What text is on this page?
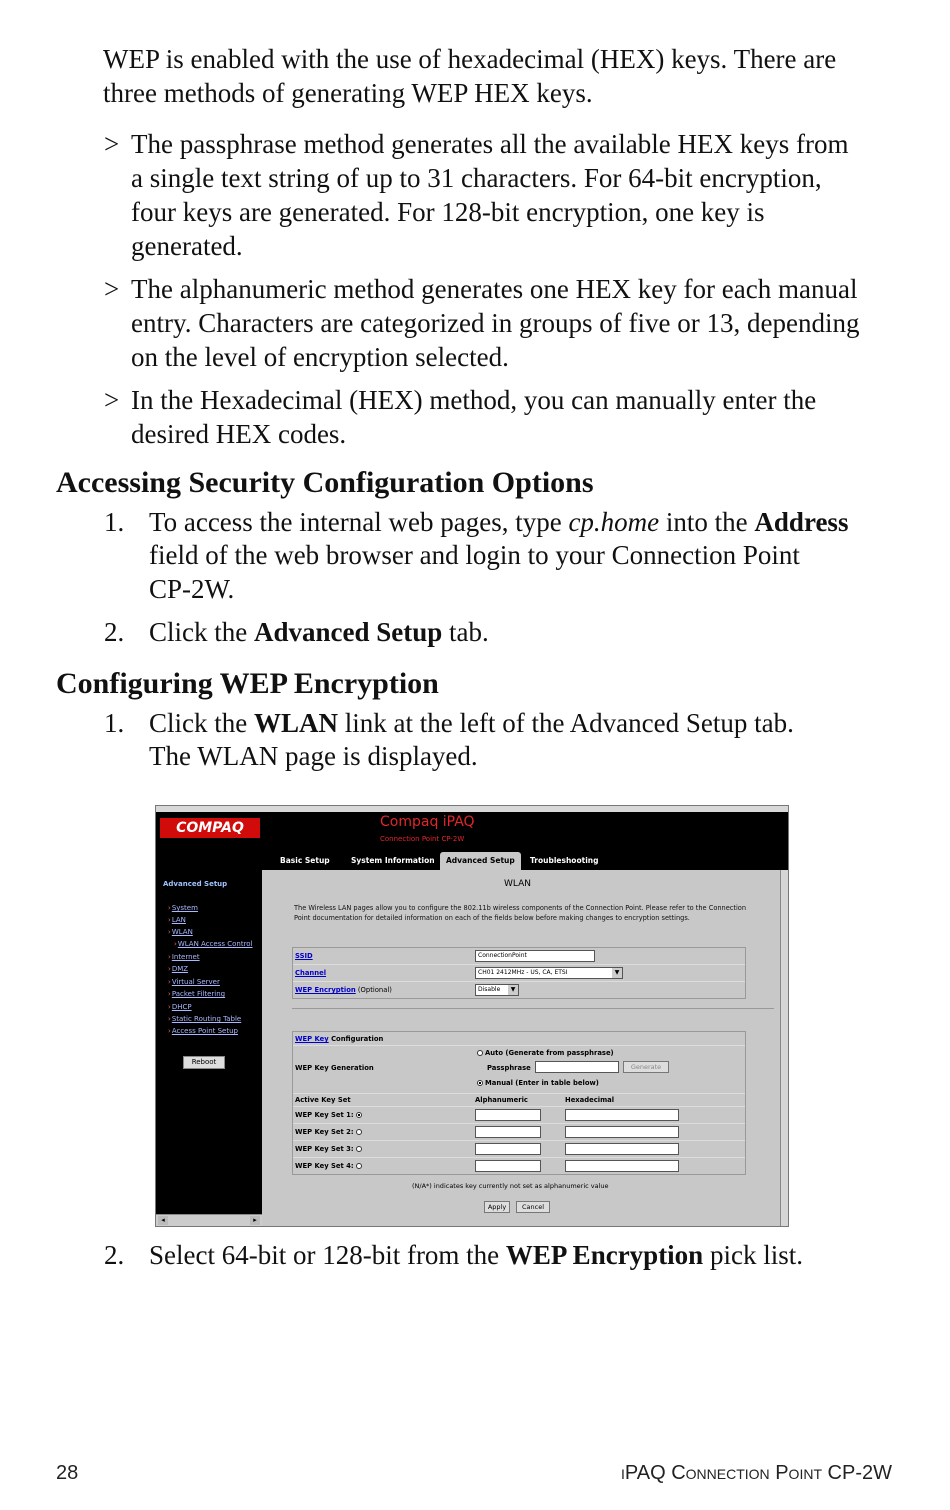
WEP is enabled with the use of hexadecimal (HEX) keys. There are

three methods of generating WEP HEX keys.

> The passphrase method generates all the available HEX keys from

a single text string of up to 31 characters. For 64-bit encryption,

four keys are generated. For 128-bit encryption, one key is

generated.

> The alphanumeric method generates one HEX key for each manual

entry. Characters are categorized in groups of five or 13, depending

on the level of encryption selected.

> In the Hexadecimal (HEX) method, you can manually enter the

desired HEX codes.

Accessing Security Configuration Options
1. To access the internal web pages, type cp.home into the Address

field of the web browser and login to your Connection Point

CP-2W.

2. Click the Advanced Setup tab.

Configuring WEP Encryption
1. Click the WLAN link at the left of the Advanced Setup tab.

The WLAN page is displayed.

COMPAQ	Compaq iPAQ
Connection Point CP-2W
Basic Setup	System Information	Advanced Setup	Troubleshooting
Advanced Setup
› System
› LAN
› WLAN
› WLAN Access Control
› Internet
› DMZ
› Virtual Server
› Packet Filtering
› DHCP
› Static Routing Table
› Access Point Setup
Reboot
◂	▸
WLAN

The Wireless LAN pages allow you to configure the 802.11b wireless components of the Connection Point. Please refer to the Connection Point documentation for detailed information on each of the fields below before making changes to encryption settings.

SSID	ConnectionPoint
Channel	CH01 2412MHz - US, CA, ETSI ▼
WEP Encryption (Optional)	Disable ▼
WEP Key Configuration
WEP Key Generation
Auto (Generate from passphrase)
Passphrase	Generate
Manual (Enter in table below)
Active Key Set	Alphanumeric	Hexadecimal
WEP Key Set 1:
WEP Key Set 2:
WEP Key Set 3:
WEP Key Set 4:
(N/A*) indicates key currently not set as alphanumeric value
Apply	Cancel
2. Select 64-bit or 128-bit from the WEP Encryption pick list.

28	iPAQ Connection Point CP-2W
